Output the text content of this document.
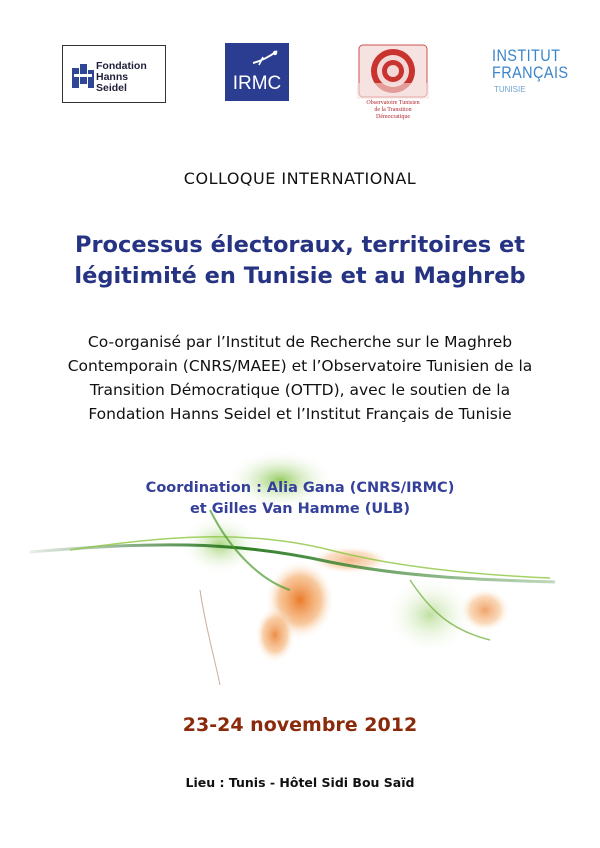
Fondation
Hanns
Seidel	IRMC
Observatoire Tunisien
de la Transition
Démocratique
INSTITUT
FRANÇAIS
TUNISIE
COLLOQUE INTERNATIONAL
Processus électoraux, territoires et
légitimité en Tunisie et au Maghreb
Co-organisé par l’Institut de Recherche sur le Maghreb
Contemporain (CNRS/MAEE) et l’Observatoire Tunisien de la
Transition Démocratique (OTTD), avec le soutien de la
Fondation Hanns Seidel et l’Institut Français de Tunisie
Coordination : Alia Gana (CNRS/IRMC)
et Gilles Van Hamme (ULB)
23-24 novembre 2012
Lieu : Tunis - Hôtel Sidi Bou Saïd
